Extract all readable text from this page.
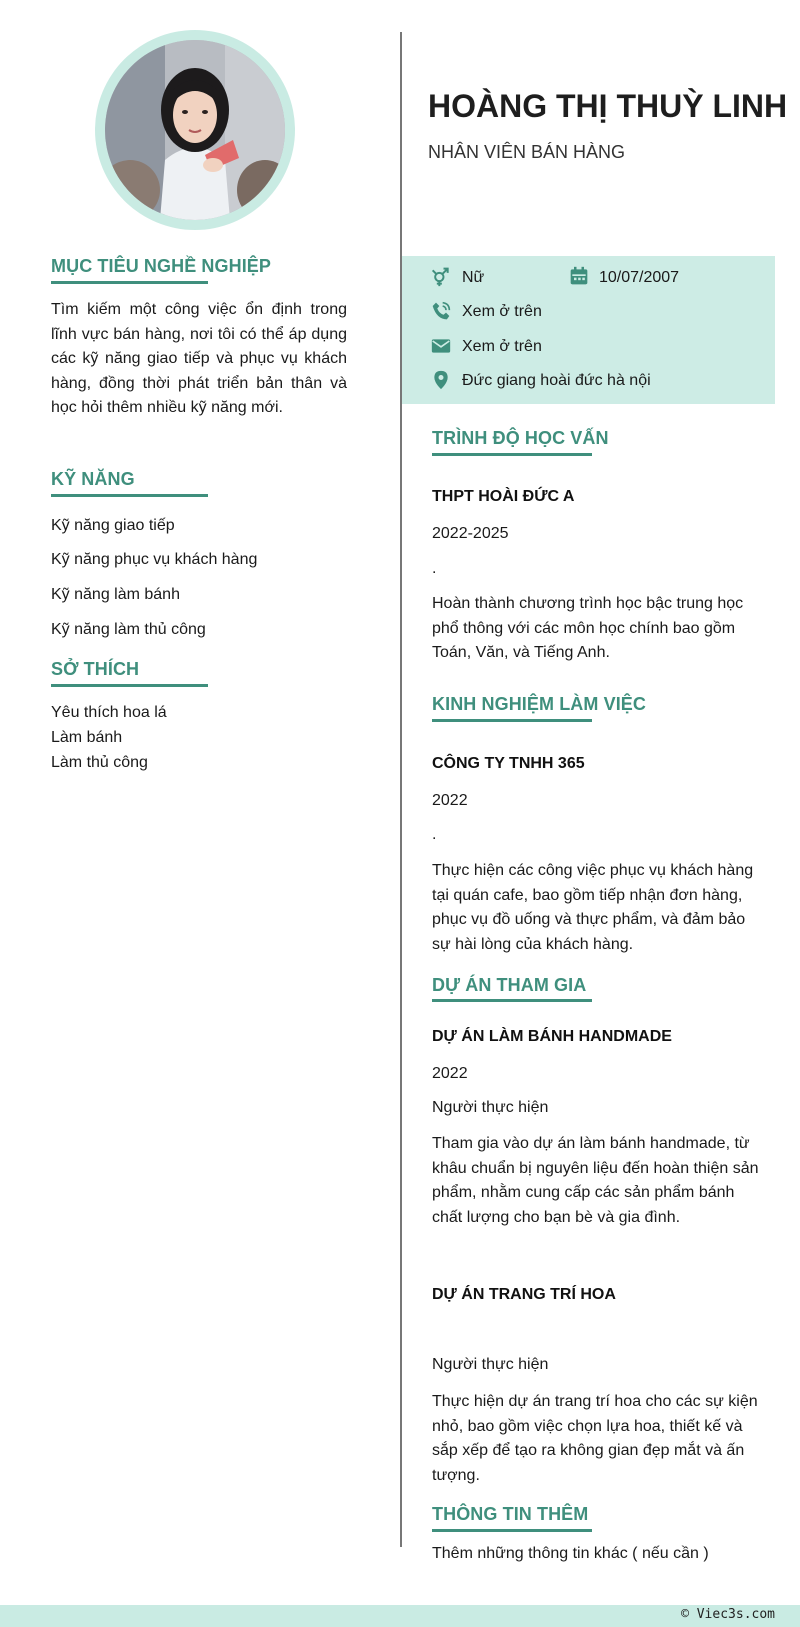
MỤC TIÊU NGHỀ NGHIỆP
Tìm kiếm một công việc ổn định trong lĩnh vực bán hàng, nơi tôi có thể áp dụng các kỹ năng giao tiếp và phục vụ khách hàng, đồng thời phát triển bản thân và học hỏi thêm nhiều kỹ năng mới.
KỸ NĂNG
Kỹ năng giao tiếp
Kỹ năng phục vụ khách hàng
Kỹ năng làm bánh
Kỹ năng làm thủ công
SỞ THÍCH
Yêu thích hoa lá
Làm bánh
Làm thủ công
HOÀNG THỊ THUỲ LINH
NHÂN VIÊN BÁN HÀNG
Nữ	10/07/2007
Xem ở trên
Xem ở trên
Đức giang hoài đức hà nội
TRÌNH ĐỘ HỌC VẤN
THPT HOÀI ĐỨC A
2022-2025
.
Hoàn thành chương trình học bậc trung học phổ thông với các môn học chính bao gồm Toán, Văn, và Tiếng Anh.
KINH NGHIỆM LÀM VIỆC
CÔNG TY TNHH 365
2022
.
Thực hiện các công việc phục vụ khách hàng tại quán cafe, bao gồm tiếp nhận đơn hàng, phục vụ đồ uống và thực phẩm, và đảm bảo sự hài lòng của khách hàng.
DỰ ÁN THAM GIA
DỰ ÁN LÀM BÁNH HANDMADE
2022
Người thực hiện
Tham gia vào dự án làm bánh handmade, từ khâu chuẩn bị nguyên liệu đến hoàn thiện sản phẩm, nhằm cung cấp các sản phẩm bánh chất lượng cho bạn bè và gia đình.
DỰ ÁN TRANG TRÍ HOA
Người thực hiện
Thực hiện dự án trang trí hoa cho các sự kiện nhỏ, bao gồm việc chọn lựa hoa, thiết kế và sắp xếp để tạo ra không gian đẹp mắt và ấn tượng.
THÔNG TIN THÊM
Thêm những thông tin khác ( nếu cần )
© Viec3s.com
